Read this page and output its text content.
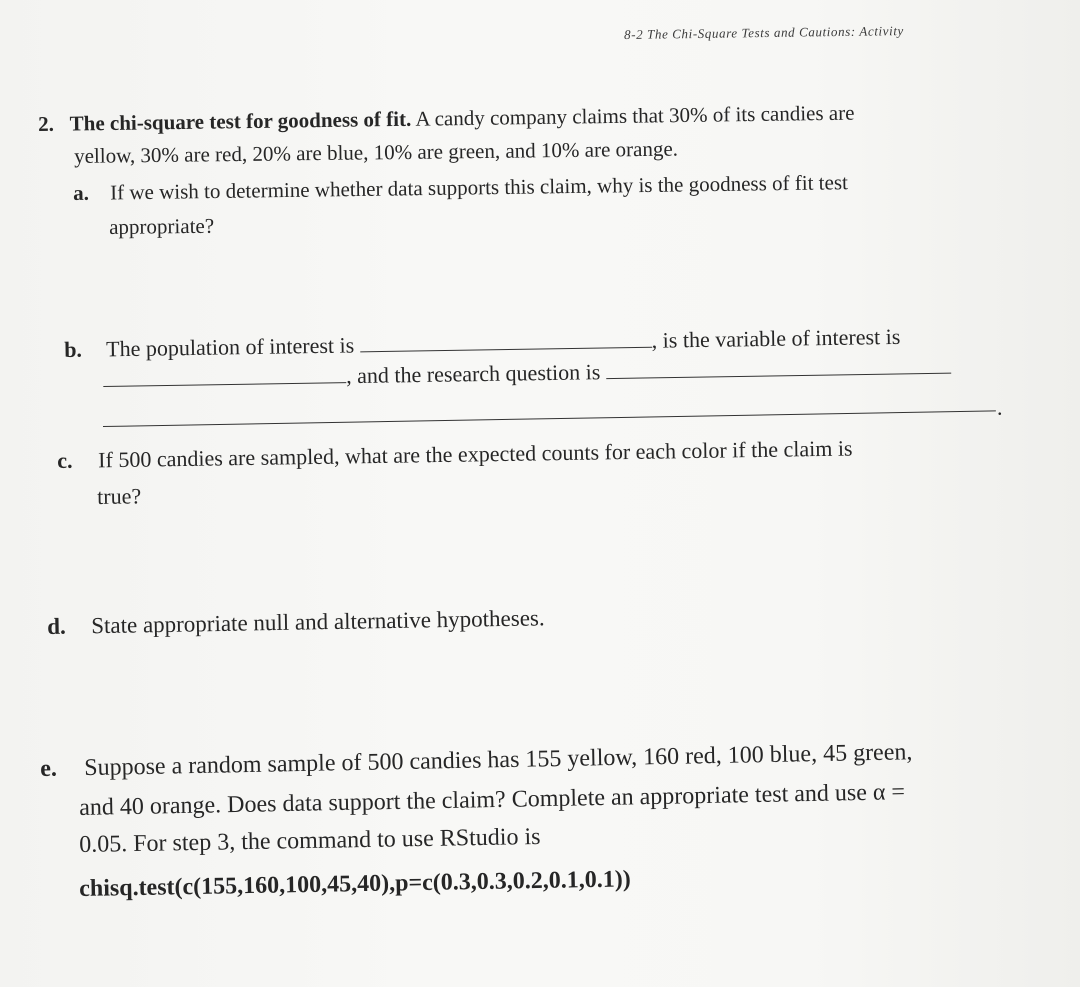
8-2 The Chi-Square Tests and Cautions: Activity
2. The chi-square test for goodness of fit. A candy company claims that 30% of its candies are
yellow, 30% are red, 20% are blue, 10% are green, and 10% are orange.
a. If we wish to determine whether data supports this claim, why is the goodness of fit test
appropriate?
b. The population of interest is	, is the variable of interest is
, and the research question is
.
c. If 500 candies are sampled, what are the expected counts for each color if the claim is
true?
d. State appropriate null and alternative hypotheses.
e. Suppose a random sample of 500 candies has 155 yellow, 160 red, 100 blue, 45 green,
and 40 orange. Does data support the claim? Complete an appropriate test and use α =
0.05. For step 3, the command to use RStudio is
chisq.test(c(155,160,100,45,40),p=c(0.3,0.3,0.2,0.1,0.1))
